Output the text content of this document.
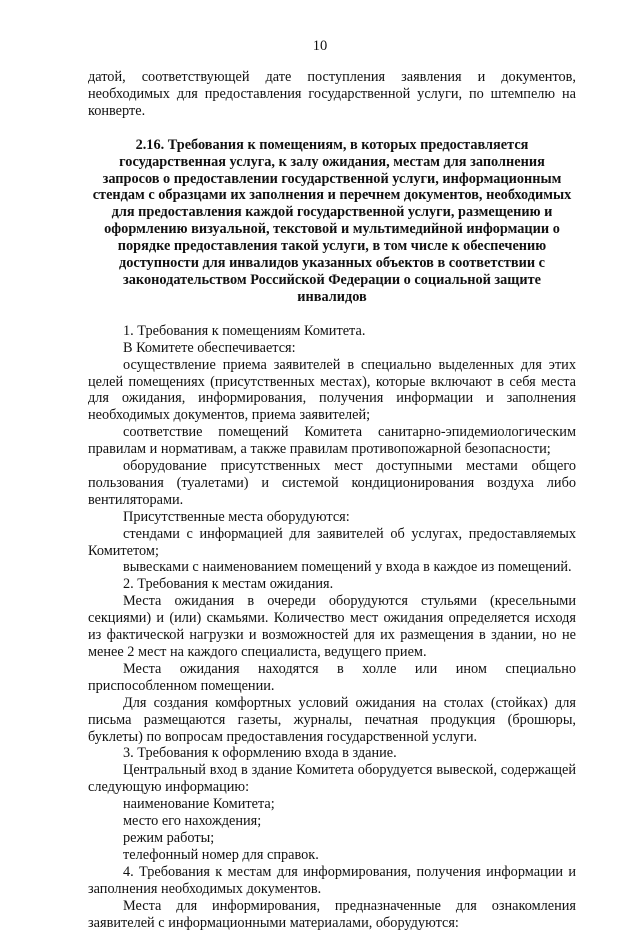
10

датой, соответствующей дате поступления заявления и документов, необходимых для предоставления государственной услуги, по штемпелю на конверте.

2.16. Требования к помещениям, в которых предоставляется государственная услуга, к залу ожидания, местам для заполнения запросов о предоставлении государственной услуги, информационным стендам с образцами их заполнения и перечнем документов, необходимых для предоставления каждой государственной услуги, размещению и оформлению визуальной, текстовой и мультимедийной информации о порядке предоставления такой услуги, в том числе к обеспечению доступности для инвалидов указанных объектов в соответствии с законодательством Российской Федерации о социальной защите инвалидов

1. Требования к помещениям Комитета.

В Комитете обеспечивается:

осуществление приема заявителей в специально выделенных для этих целей помещениях (присутственных местах), которые включают в себя места для ожидания, информирования, получения информации и заполнения необходимых документов, приема заявителей;

соответствие помещений Комитета санитарно-эпидемиологическим правилам и нормативам, а также правилам противопожарной безопасности;

оборудование присутственных мест доступными местами общего пользования (туалетами) и системой кондиционирования воздуха либо вентиляторами.

Присутственные места оборудуются:

стендами с информацией для заявителей об услугах, предоставляемых Комитетом;

вывесками с наименованием помещений у входа в каждое из помещений.

2. Требования к местам ожидания.

Места ожидания в очереди оборудуются стульями (кресельными секциями) и (или) скамьями. Количество мест ожидания определяется исходя из фактической нагрузки и возможностей для их размещения в здании, но не менее 2 мест на каждого специалиста, ведущего прием.

Места ожидания находятся в холле или ином специально приспособленном помещении.

Для создания комфортных условий ожидания на столах (стойках) для письма размещаются газеты, журналы, печатная продукция (брошюры, буклеты) по вопросам предоставления государственной услуги.

3. Требования к оформлению входа в здание.

Центральный вход в здание Комитета оборудуется вывеской, содержащей следующую информацию:

наименование Комитета;

место его нахождения;

режим работы;

телефонный номер для справок.

4. Требования к местам для информирования, получения информации и заполнения необходимых документов.

Места для информирования, предназначенные для ознакомления заявителей с информационными материалами, оборудуются:
